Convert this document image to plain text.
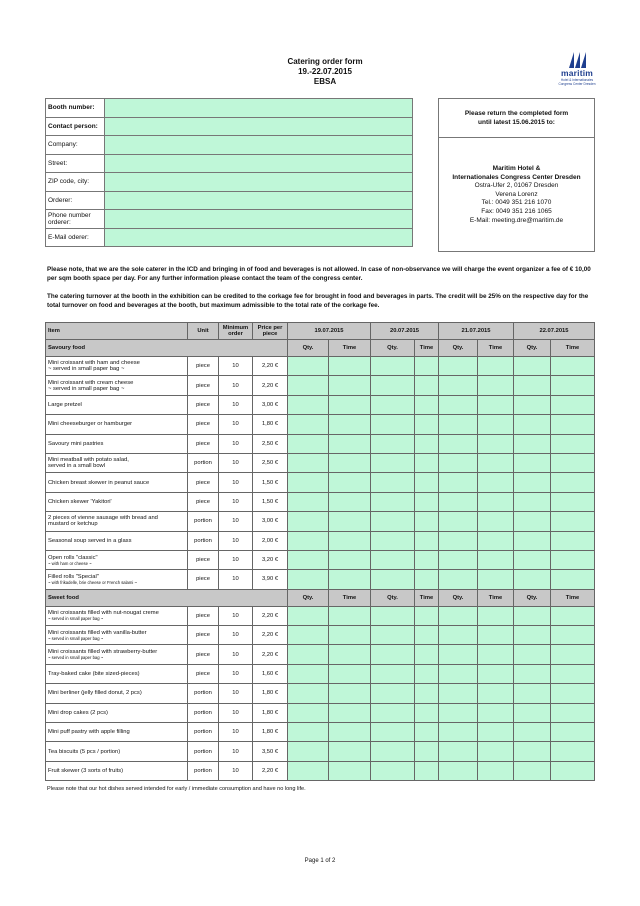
Catering order form
19.-22.07.2015
EBSA
maritim
Hotel & Internationales
Congress Center Dresden
Booth number:	
Contact person:	
Company:	
Street:	
ZIP code, city:	
Orderer:	
Phone number orderer:	
E-Mail oderer:	
Please return the completed form
until latest 15.06.2015 to:
Maritim Hotel &
Internationales Congress Center Dresden
Ostra-Ufer 2, 01067 Dresden
Verena Lorenz
Tel.: 0049 351 216 1070
Fax: 0049 351 216 1065
E-Mail: meeting.dre@maritim.de
Please note, that we are the sole caterer in the ICD and bringing in of food and beverages is not allowed. In case of non-observance we will charge the event organizer a fee of € 10,00 per sqm booth space per day. For any further information please contact the team of the congress center.
The catering turnover at the booth in the exhibition can be credited to the corkage fee for brought in food and beverages in parts. The credit will be 25% on the respective day for the total turnover on food and beverages at the booth, but maximum admissible to the total rate of the corkage fee.
Item	Unit	Minimum order	Price per piece	19.07.2015		20.07.2015		21.07.2015		22.07.2015	
Savoury food				Qty.	Time	Qty.	Time	Qty.	Time	Qty.	Time

Mini croissant with ham and cheese
~ served in small paper bag ~	piece	10	2,20 €								

Mini croissant with cream cheese
~ served in small paper bag ~	piece	10	2,20 €								

Large pretzel	piece	10	3,00 €								

Mini cheeseburger or hamburger	piece	10	1,80 €								

Savoury mini pastries	piece	10	2,50 €								

Mini meatball with potato salad,
served in a small bowl	portion	10	2,50 €								

Chicken breast skewer in peanut sauce	piece	10	1,50 €								

Chicken skewer 'Yakitori'	piece	10	1,50 €								

2 pieces of vienne sausage with bread and
mustard or ketchup	portion	10	3,00 €								

Seasonal soup served in a glass	portion	10	2,00 €								

Open rolls "classic"
~ with ham or cheese ~	piece	10	3,20 €								

Filled rolls "Special"
~ with frikadelle, brie cheese or French salami ~	piece	10	3,90 €								
Sweet food				Qty.	Time	Qty.	Time	Qty.	Time	Qty.	Time

Mini croissants filled with nut-nougat creme
~ served in small paper bag ~	piece	10	2,20 €								

Mini croissants filled with vanilla-butter
~ served in small paper bag ~	piece	10	2,20 €								

Mini croissants filled with strawberry-butter
~ served in small paper bag ~	piece	10	2,20 €								

Tray-baked cake (bite sized-pieces)	piece	10	1,60 €								

Mini berliner (jelly filled donut, 2 pcs)	portion	10	1,80 €								

Mini drop cakes (2 pcs)	portion	10	1,80 €								

Mini puff pastry with apple filling	portion	10	1,80 €								

Tea biscuits (5 pcs / portion)	portion	10	3,50 €								

Fruit skewer (3 sorts of fruits)	portion	10	2,20 €								
Please note that our hot dishes served intended for early / immediate consumption and have no long life.
Page 1 of 2
